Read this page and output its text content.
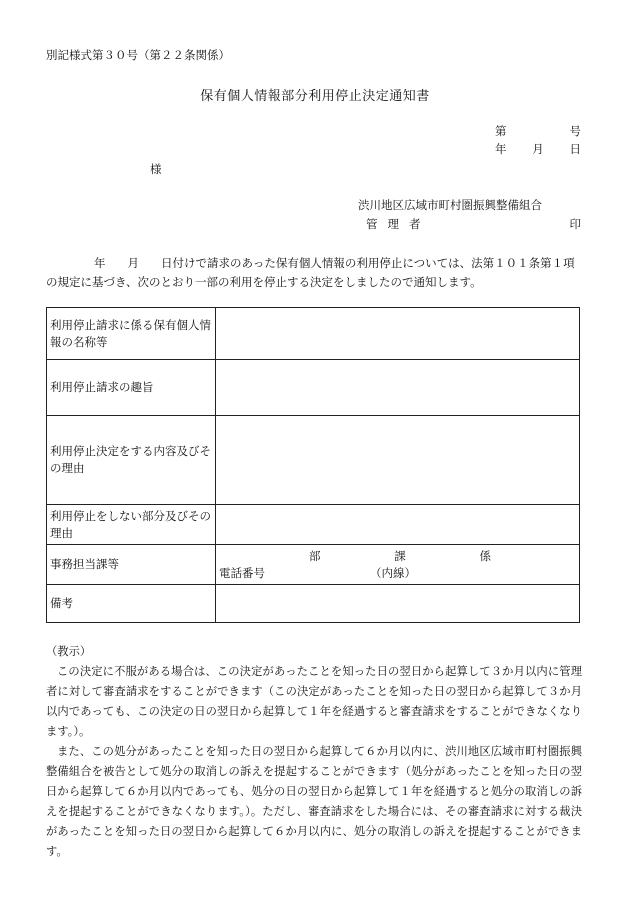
別記様式第３０号（第２２条関係）
保有個人情報部分利用停止決定通知書
第	号
年 月 日
様
渋川地区広域市町村圏振興整備組合
管理者	印
年 月 日付けで請求のあった保有個人情報の利用停止については、法第１０１条第１項の規定に基づき、次のとおり一部の利用を停止する決定をしましたので通知します。
利用停止請求に係る保有個人情報の名称等	
利用停止請求の趣旨	
利用停止決定をする内容及びその理由	
利用停止をしない部分及びその理由	
事務担当課等	部 課 係
電話番号 （内線）

備考	

（教示）

この決定に不服がある場合は、この決定があったことを知った日の翌日から起算して３か月以内に管理者に対して審査請求をすることができます（この決定があったことを知った日の翌日から起算して３か月以内であっても、この決定の日の翌日から起算して１年を経過すると審査請求をすることができなくなります。）。

また、この処分があったことを知った日の翌日から起算して６か月以内に、渋川地区広域市町村圏振興整備組合を被告として処分の取消しの訴えを提起することができます（処分があったことを知った日の翌日から起算して６か月以内であっても、処分の日の翌日から起算して１年を経過すると処分の取消しの訴えを提起することができなくなります。）。ただし、審査請求をした場合には、その審査請求に対する裁決があったことを知った日の翌日から起算して６か月以内に、処分の取消しの訴えを提起することができます。
